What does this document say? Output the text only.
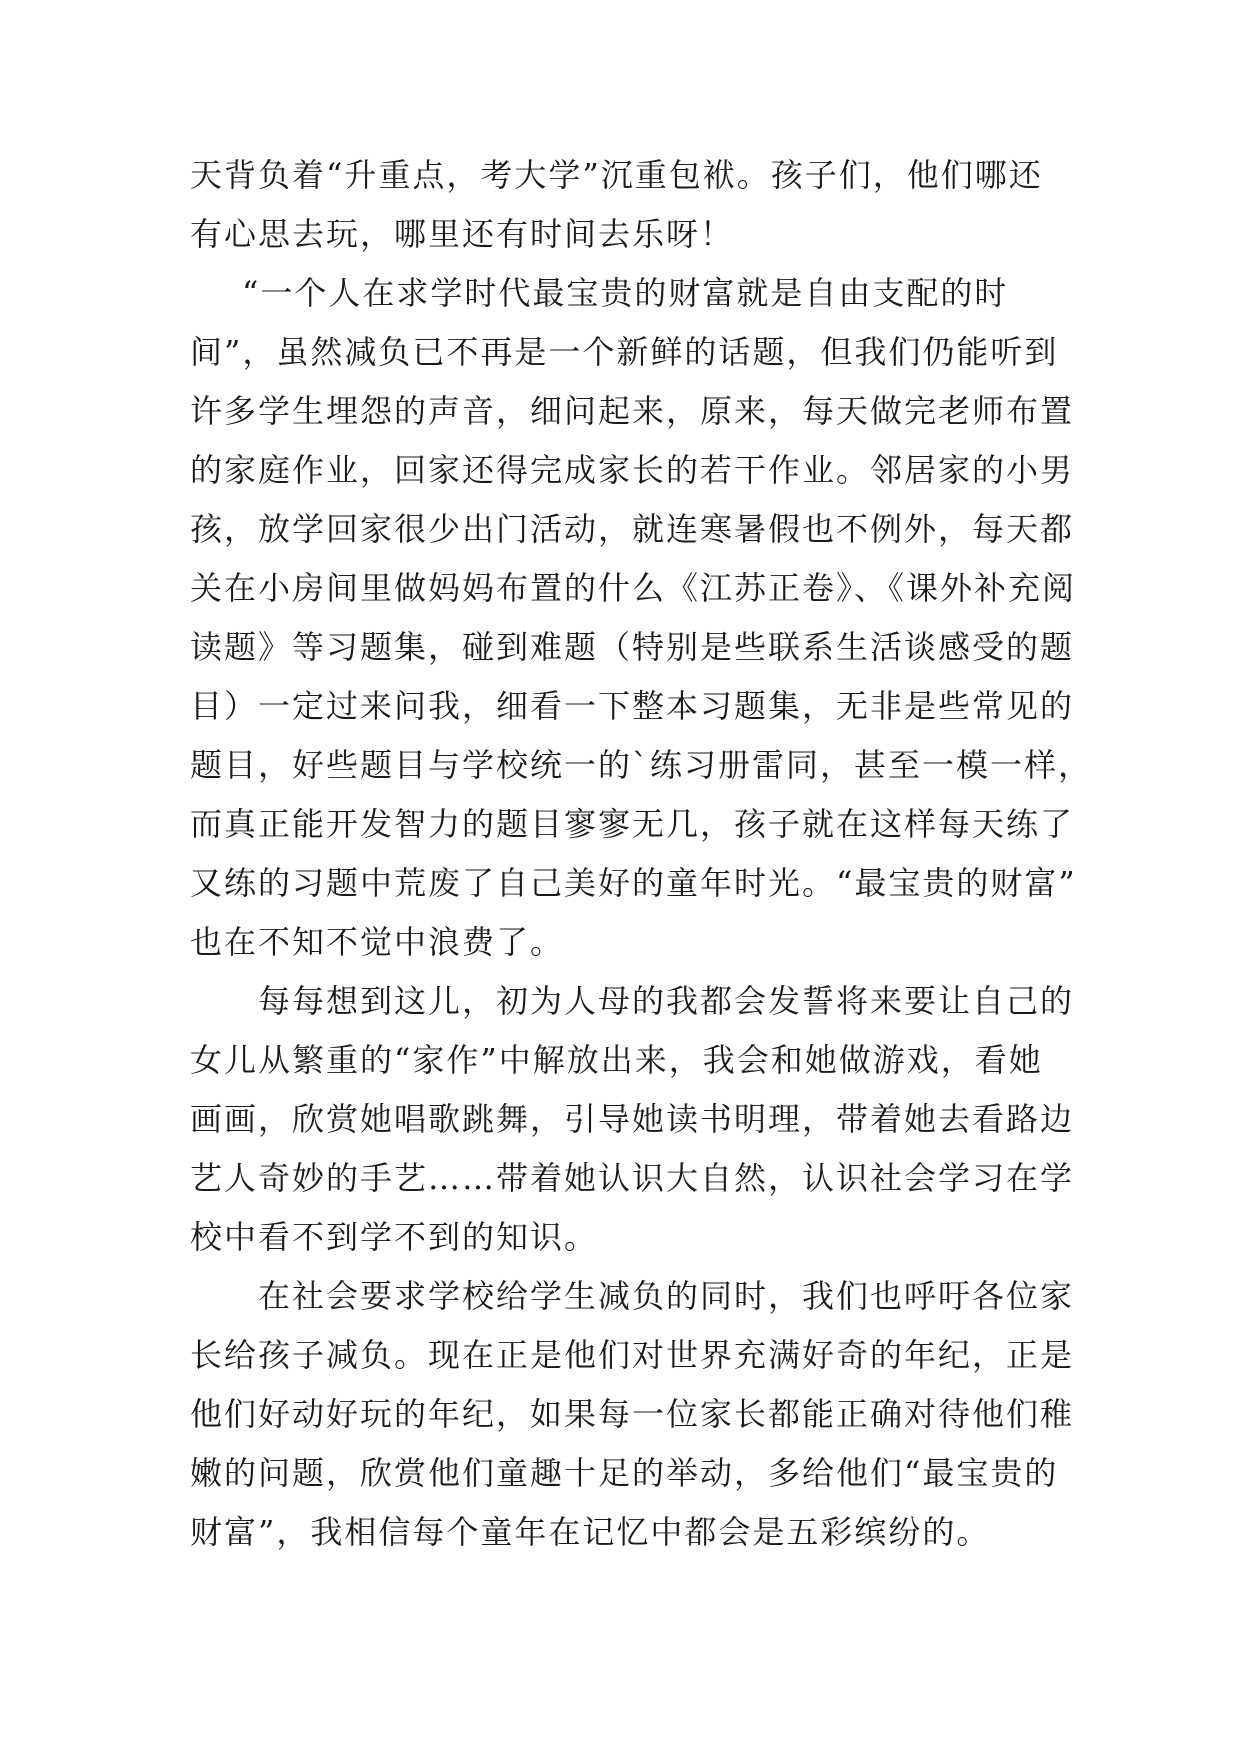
天背负着“升重点，考大学”沉重包袱。孩子们，他们哪还
有心思去玩，哪里还有时间去乐呀！
“一个人在求学时代最宝贵的财富就是自由支配的时
间”，虽然减负已不再是一个新鲜的话题，但我们仍能听到
许多学生埋怨的声音，细问起来，原来，每天做完老师布置
的家庭作业，回家还得完成家长的若干作业。邻居家的小男
孩，放学回家很少出门活动，就连寒暑假也不例外，每天都
关在小房间里做妈妈布置的什么《江苏正卷》、《课外补充阅
读题》等习题集，碰到难题（特别是些联系生活谈感受的题
目）一定过来问我，细看一下整本习题集，无非是些常见的
题目，好些题目与学校统一的`练习册雷同，甚至一模一样，
而真正能开发智力的题目寥寥无几，孩子就在这样每天练了
又练的习题中荒废了自己美好的童年时光。“最宝贵的财富”
也在不知不觉中浪费了。
每每想到这儿，初为人母的我都会发誓将来要让自己的
女儿从繁重的“家作”中解放出来，我会和她做游戏，看她
画画，欣赏她唱歌跳舞，引导她读书明理，带着她去看路边
艺人奇妙的手艺……带着她认识大自然，认识社会学习在学
校中看不到学不到的知识。
在社会要求学校给学生减负的同时，我们也呼吁各位家
长给孩子减负。现在正是他们对世界充满好奇的年纪，正是
他们好动好玩的年纪，如果每一位家长都能正确对待他们稚
嫩的问题，欣赏他们童趣十足的举动，多给他们“最宝贵的
财富”，我相信每个童年在记忆中都会是五彩缤纷的。
